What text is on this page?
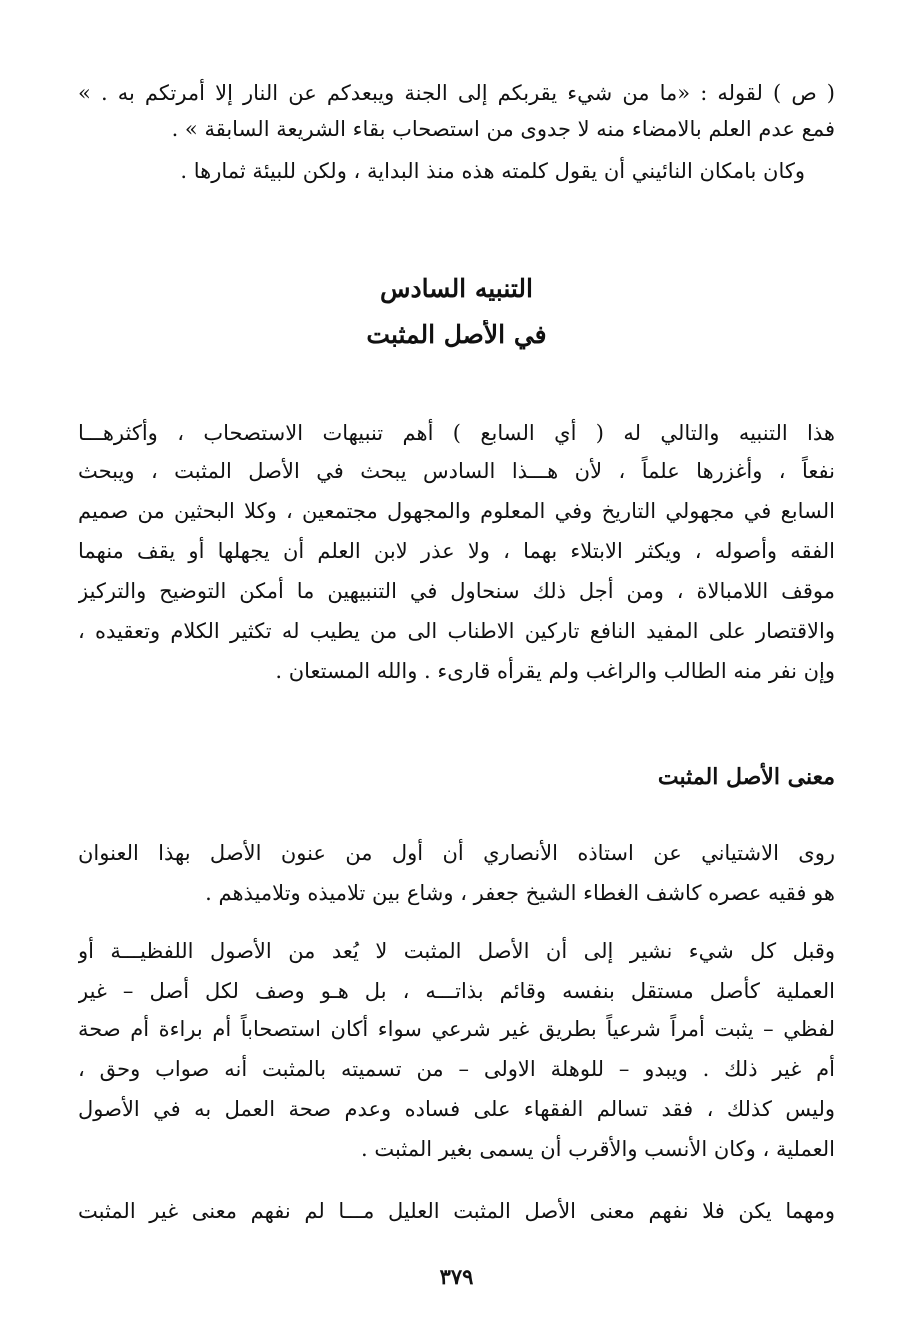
( ص ) لقوله : «ما من شيء يقربكم إلى الجنة ويبعدكم عن النار إلا أمرتكم به . »
فمع عدم العلم بالامضاء منه لا جدوى من استصحاب بقاء الشريعة السابقة » .
وكان بامكان النائيني أن يقول كلمته هذه منذ البداية ، ولكن للبيئة ثمارها .
التنبيه السادس
في الأصل المثبت
هذا التنبيه والتالي له ( أي السابع ) أهم تنبيهات الاستصحاب ، وأكثرهـــا
نفعاً ، وأغزرها علماً ، لأن هـــذا السادس يبحث في الأصل المثبت ، ويبحث
السابع في مجهولي التاريخ وفي المعلوم والمجهول مجتمعين ، وكلا البحثين من صميم
الفقه وأصوله ، ويكثر الابتلاء بهما ، ولا عذر لابن العلم أن يجهلها أو يقف منهما
موقف اللامبالاة ، ومن أجل ذلك سنحاول في التنبيهين ما أمكن التوضيح والتركيز
والاقتصار على المفيد النافع تاركين الاطناب الى من يطيب له تكثير الكلام وتعقيده ،
وإن نفر منه الطالب والراغب ولم يقرأه قارىء . والله المستعان .
معنى الأصل المثبت
روى الاشتياني عن استاذه الأنصاري أن أول من عنون الأصل بهذا العنوان
هو فقيه عصره كاشف الغطاء الشيخ جعفر ، وشاع بين تلاميذه وتلاميذهم .
وقبل كل شيء نشير إلى أن الأصل المثبت لا يُعد من الأصول اللفظيـــة أو
العملية كأصل مستقل بنفسه وقائم بذاتـــه ، بل هـو وصف لكل أصل – غير
لفظي – يثبت أمراً شرعياً بطريق غير شرعي سواء أكان استصحاباً أم براءة أم صحة
أم غير ذلك . ويبدو – للوهلة الاولى – من تسميته بالمثبت أنه صواب وحق ،
وليس كذلك ، فقد تسالم الفقهاء على فساده وعدم صحة العمل به في الأصول
العملية ، وكان الأنسب والأقرب أن يسمى بغير المثبت .
ومهما يكن فلا نفهم معنى الأصل المثبت العليل مـــا لم نفهم معنى غير المثبت
٣٧٩
